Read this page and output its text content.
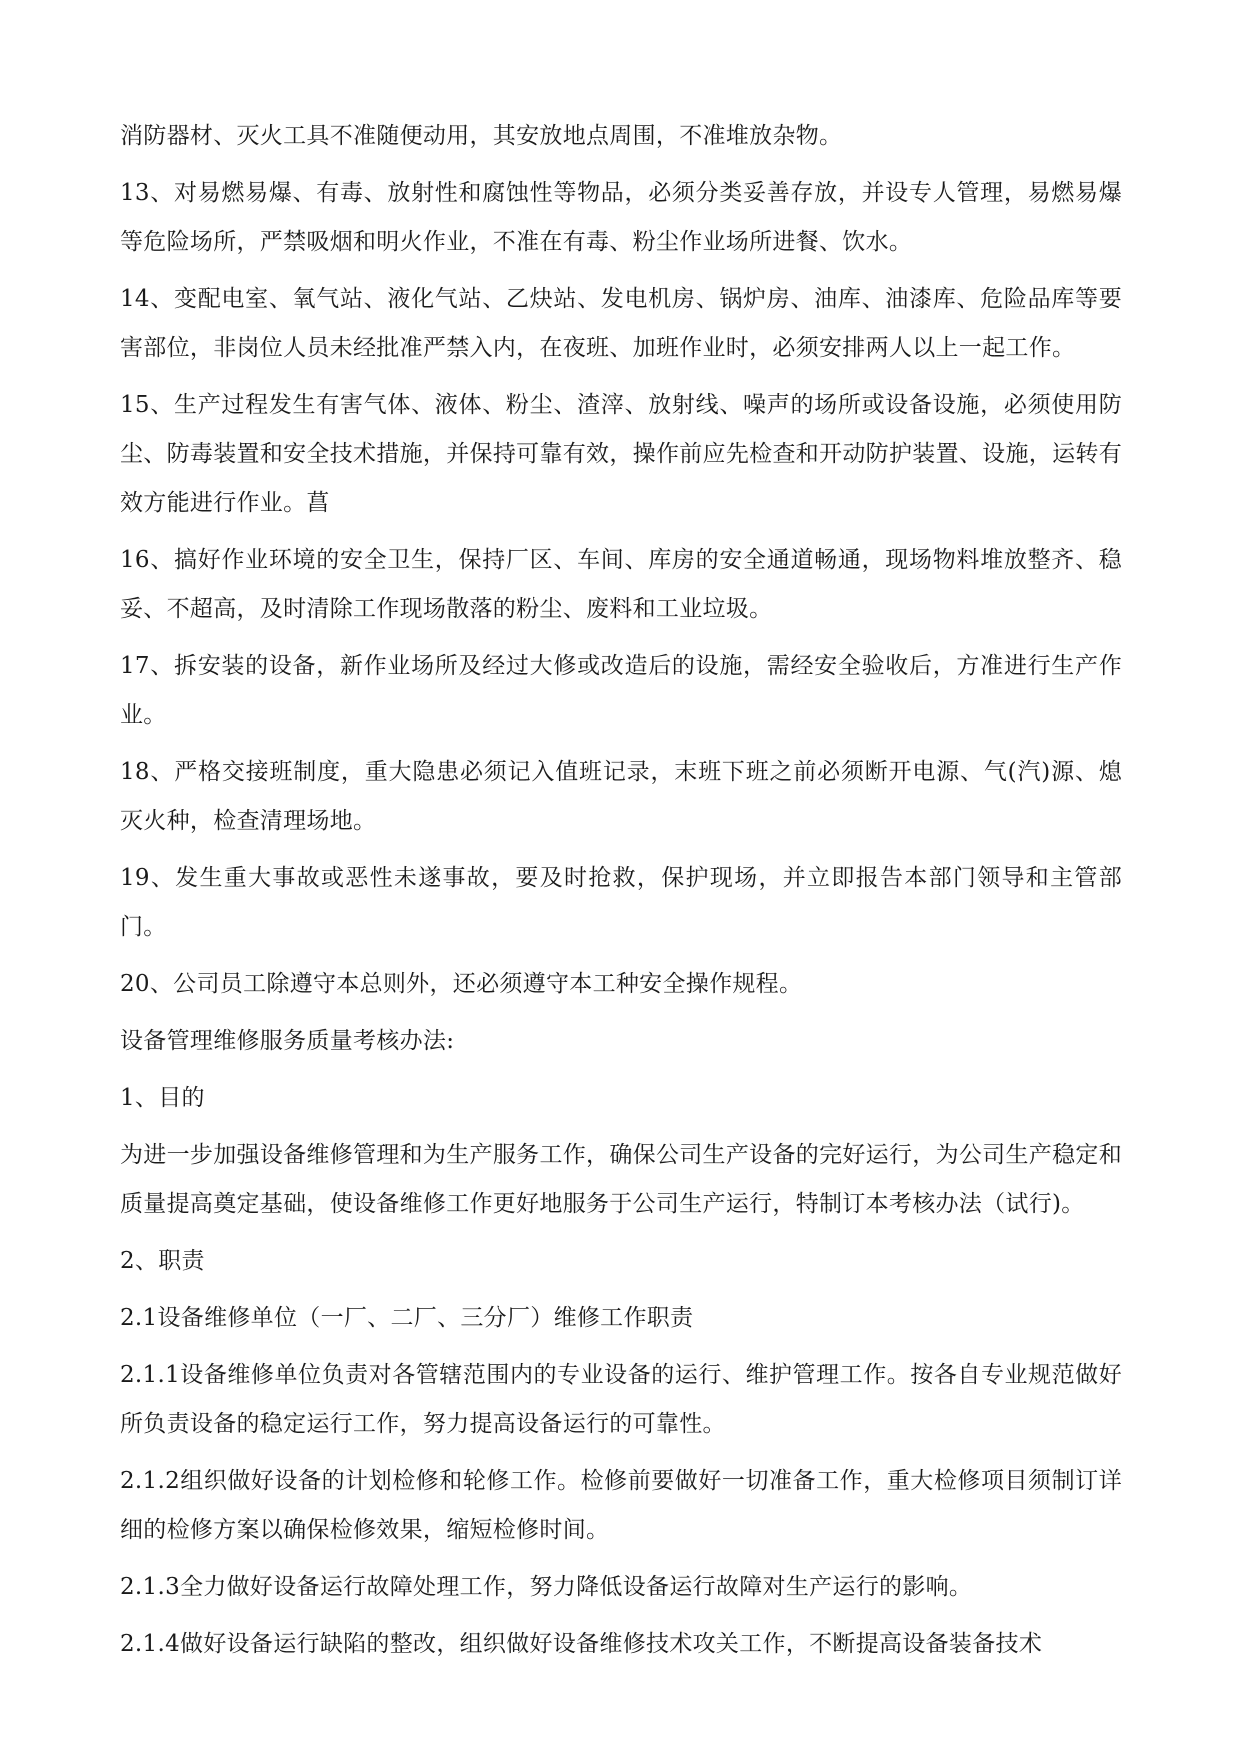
消防器材、灭火工具不准随便动用，其安放地点周围，不准堆放杂物。

13、对易燃易爆、有毒、放射性和腐蚀性等物品，必须分类妥善存放，并设专人管理，易燃易爆等危险场所，严禁吸烟和明火作业，不准在有毒、粉尘作业场所进餐、饮水。

14、变配电室、氧气站、液化气站、乙炔站、发电机房、锅炉房、油库、油漆库、危险品库等要害部位，非岗位人员未经批准严禁入内，在夜班、加班作业时，必须安排两人以上一起工作。

15、生产过程发生有害气体、液体、粉尘、渣滓、放射线、噪声的场所或设备设施，必须使用防尘、防毒装置和安全技术措施，并保持可靠有效，操作前应先检查和开动防护装置、设施，运转有效方能进行作业。菖

16、搞好作业环境的安全卫生，保持厂区、车间、库房的安全通道畅通，现场物料堆放整齐、稳妥、不超高，及时清除工作现场散落的粉尘、废料和工业垃圾。

17、拆安装的设备，新作业场所及经过大修或改造后的设施，需经安全验收后，方准进行生产作业。

18、严格交接班制度，重大隐患必须记入值班记录，末班下班之前必须断开电源、气(汽)源、熄灭火种，检查清理场地。

19、发生重大事故或恶性未遂事故，要及时抢救，保护现场，并立即报告本部门领导和主管部门。

20、公司员工除遵守本总则外，还必须遵守本工种安全操作规程。

设备管理维修服务质量考核办法:

1、目的

为进一步加强设备维修管理和为生产服务工作，确保公司生产设备的完好运行，为公司生产稳定和质量提高奠定基础，使设备维修工作更好地服务于公司生产运行，特制订本考核办法（试行)。

2、职责

2.1设备维修单位（一厂、二厂、三分厂）维修工作职责

2.1.1设备维修单位负责对各管辖范围内的专业设备的运行、维护管理工作。按各自专业规范做好所负责设备的稳定运行工作，努力提高设备运行的可靠性。

2.1.2组织做好设备的计划检修和轮修工作。检修前要做好一切准备工作，重大检修项目须制订详细的检修方案以确保检修效果，缩短检修时间。

2.1.3全力做好设备运行故障处理工作，努力降低设备运行故障对生产运行的影响。

2.1.4做好设备运行缺陷的整改，组织做好设备维修技术攻关工作，不断提高设备装备技术
